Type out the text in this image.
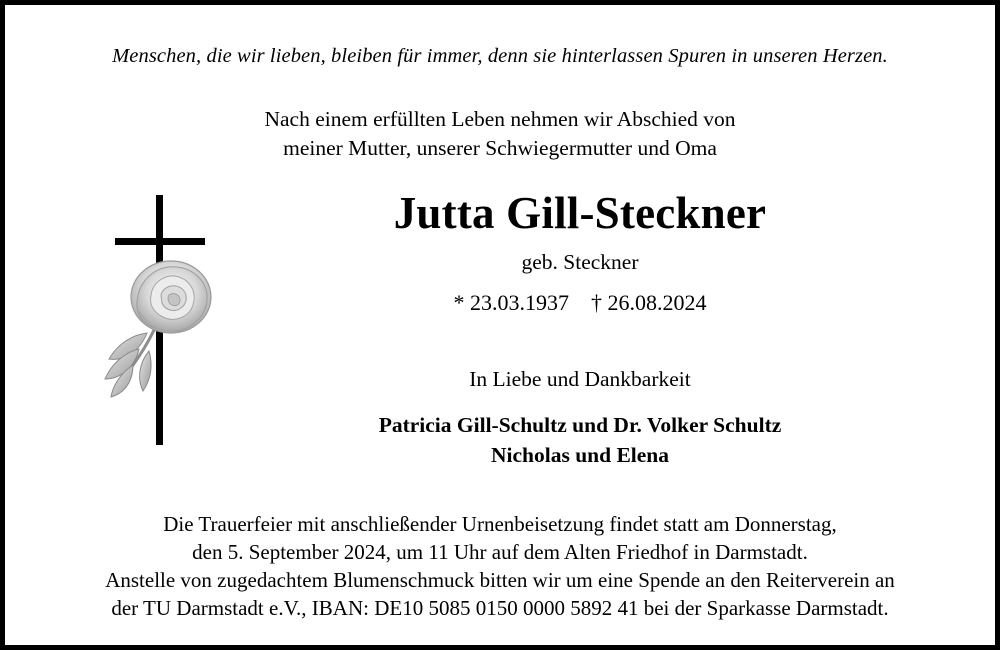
Menschen, die wir lieben, bleiben für immer, denn sie hinterlassen Spuren in unseren Herzen.
Nach einem erfüllten Leben nehmen wir Abschied von
meiner Mutter, unserer Schwiegermutter und Oma
Jutta Gill-Steckner
geb. Steckner
* 23.03.1937 † 26.08.2024
In Liebe und Dankbarkeit
Patricia Gill-Schultz und Dr. Volker Schultz
Nicholas und Elena
Die Trauerfeier mit anschließender Urnenbeisetzung findet statt am Donnerstag,
den 5. September 2024, um 11 Uhr auf dem Alten Friedhof in Darmstadt.
Anstelle von zugedachtem Blumenschmuck bitten wir um eine Spende an den Reiterverein an
der TU Darmstadt e.V., IBAN: DE10 5085 0150 0000 5892 41 bei der Sparkasse Darmstadt.
